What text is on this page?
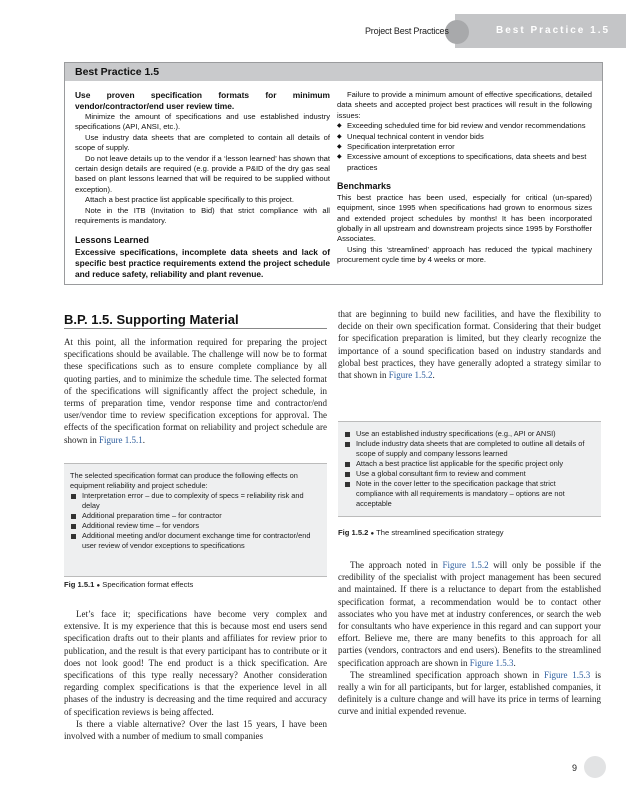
Project Best Practices	Best Practice 1.5
Best Practice 1.5

Use proven specification formats for minimum vendor/contractor/end user review time.

Minimize the amount of specifications and use established industry specifications (API, ANSI, etc.).

Use industry data sheets that are completed to contain all details of scope of supply.

Do not leave details up to the vendor if a ‘lesson learned’ has shown that certain design details are required (e.g. provide a P&ID of the dry gas seal based on plant lessons learned that will be required to be supplied without exception).

Attach a best practice list applicable specifically to this project.

Note in the ITB (Invitation to Bid) that strict compliance with all requirements is mandatory.

Lessons Learned

Excessive specifications, incomplete data sheets and lack of specific best practice requirements extend the project schedule and reduce safety, reliability and plant revenue.

Failure to provide a minimum amount of effective specifications, detailed data sheets and accepted project best practices will result in the following issues:

◆ Exceeding scheduled time for bid review and vendor recommendations
◆ Unequal technical content in vendor bids
◆ Specification interpretation error
◆ Excessive amount of exceptions to specifications, data sheets and best practices

Benchmarks

This best practice has been used, especially for critical (un-spared) equipment, since 1995 when specifications had grown to enormous sizes and extended project schedules by months! It has been incorporated globally in all upstream and downstream projects since 1995 by Forsthoffer Associates.

Using this ‘streamlined’ approach has reduced the typical machinery procurement cycle time by 4 weeks or more.

B.P. 1.5. Supporting Material

At this point, all the information required for preparing the project specifications should be available. The challenge will now be to format these specifications such as to ensure complete compliance by all quoting parties, and to minimize the schedule time. The selected format of the specifications will significantly affect the project schedule, in terms of preparation time, vendor response time and contractor/end user/vendor time to review specification exceptions for approval. The effects of the specification format on reliability and project schedule are shown in Figure 1.5.1.

The selected specification format can produce the following effects on equipment reliability and project schedule:
Interpretation error – due to complexity of specs = reliability risk and delay
Additional preparation time – for contractor
Additional review time – for vendors
Additional meeting and/or document exchange time for contractor/end user review of vendor exceptions to specifications
Fig 1.5.1 ● Specification format effects

Let’s face it; specifications have become very complex and extensive. It is my experience that this is because most end users send specification drafts out to their plants and affiliates for review prior to publication, and the result is that every participant has to contribute or it does not look good! The end product is a thick specification. Are specifications of this type really necessary? Another consideration regarding complex specifications is that the experience level in all phases of the industry is decreasing and the time required and accuracy of specification reviews is being affected.

Is there a viable alternative? Over the last 15 years, I have been involved with a number of medium to small companies

that are beginning to build new facilities, and have the flexibility to decide on their own specification format. Considering that their budget for specification preparation is limited, but they clearly recognize the importance of a sound specification based on industry standards and global best practices, they have generally adopted a strategy similar to that shown in Figure 1.5.2.

Use an established industry specifications (e.g., API or ANSI)
Include industry data sheets that are completed to outline all details of scope of supply and company lessons learned
Attach a best practice list applicable for the specific project only
Use a global consultant firm to review and comment
Note in the cover letter to the specification package that strict compliance with all requirements is mandatory – options are not acceptable
Fig 1.5.2 ● The streamlined specification strategy

The approach noted in Figure 1.5.2 will only be possible if the credibility of the specialist with project management has been secured and maintained. If there is a reluctance to depart from the established specification format, a recommendation would be to contact other associates who you have met at industry conferences, or search the web for consultants who have experience in this regard and can support your effort. Believe me, there are many benefits to this approach for all parties (vendors, contractors and end users). Benefits to the streamlined specification approach are shown in Figure 1.5.3.

The streamlined specification approach shown in Figure 1.5.3 is really a win for all participants, but for larger, established companies, it definitely is a culture change and will have its price in terms of learning curve and initial expended revenue.

9
